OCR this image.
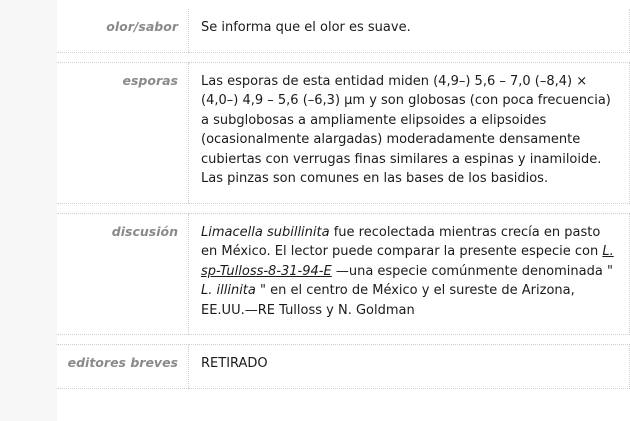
olor/sabor	Se informa que el olor es suave.

esporas	Las esporas de esta entidad miden (4,9–) 5,6 – 7,0 (–8,4) × (4,0–) 4,9 – 5,6 (–6,3) µm y son globosas (con poca frecuencia) a subglobosas a ampliamente elipsoides a elipsoides (ocasionalmente alargadas) moderadamente densamente cubiertas con verrugas finas similares a espinas y inamiloide. Las pinzas son comunes en las bases de los basidios.

discusión	Limacella subillinita fue recolectada mientras crecía en pasto en México. El lector puede comparar la presente especie con L. sp-Tulloss-8-31-94-E —una especie comúnmente denominada " L. illinita " en el centro de México y el sureste de Arizona, EE.UU.—RE Tulloss y N. Goldman

editores breves	RETIRADO
